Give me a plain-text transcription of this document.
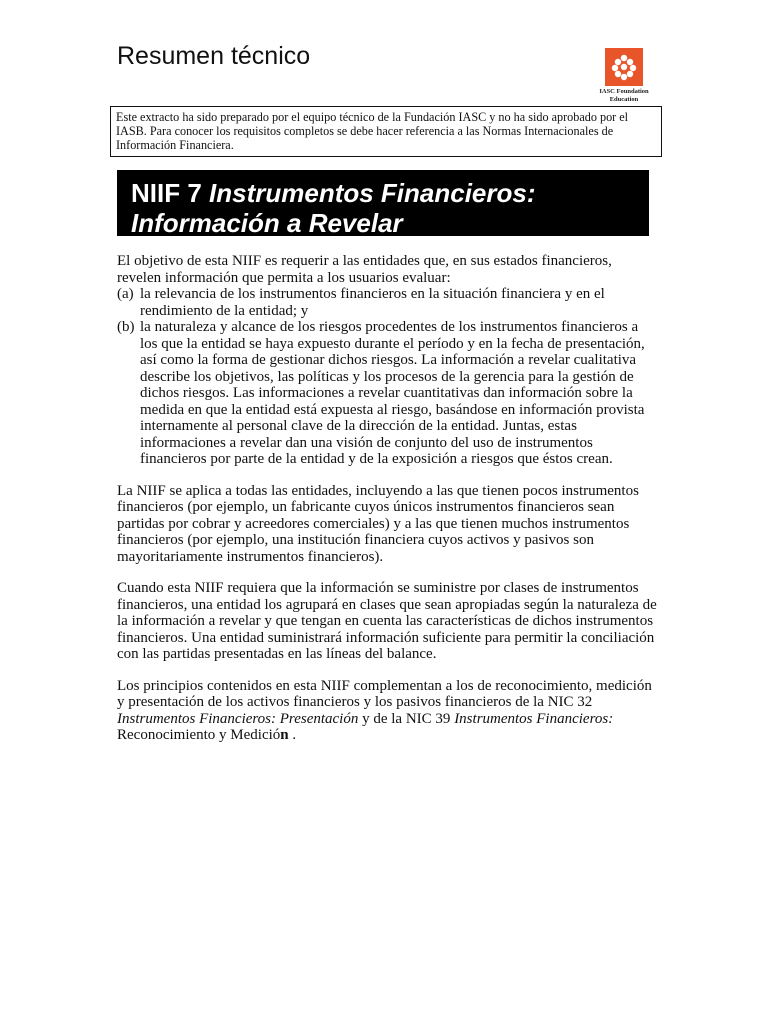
Resumen técnico
IASC Foundation
Education
Este extracto ha sido preparado por el equipo técnico de la Fundación IASC y no ha sido aprobado por el IASB. Para conocer los requisitos completos se debe hacer referencia a las Normas Internacionales de Información Financiera.
NIIF 7 Instrumentos Financieros:
Información a Revelar

El objetivo de esta NIIF es requerir a las entidades que, en sus estados financieros, revelen información que permita a los usuarios evaluar:

(a) la relevancia de los instrumentos financieros en la situación financiera y en el rendimiento de la entidad; y
(b) la naturaleza y alcance de los riesgos procedentes de los instrumentos financieros a los que la entidad se haya expuesto durante el período y en la fecha de presentación, así como la forma de gestionar dichos riesgos. La información a revelar cualitativa describe los objetivos, las políticas y los procesos de la gerencia para la gestión de dichos riesgos. Las informaciones a revelar cuantitativas dan información sobre la medida en que la entidad está expuesta al riesgo, basándose en información provista internamente al personal clave de la dirección de la entidad. Juntas, estas informaciones a revelar dan una visión de conjunto del uso de instrumentos financieros por parte de la entidad y de la exposición a riesgos que éstos crean.

La NIIF se aplica a todas las entidades, incluyendo a las que tienen pocos instrumentos financieros (por ejemplo, un fabricante cuyos únicos instrumentos financieros sean partidas por cobrar y acreedores comerciales) y a las que tienen muchos instrumentos financieros (por ejemplo, una institución financiera cuyos activos y pasivos son mayoritariamente instrumentos financieros).

Cuando esta NIIF requiera que la información se suministre por clases de instrumentos financieros, una entidad los agrupará en clases que sean apropiadas según la naturaleza de la información a revelar y que tengan en cuenta las características de dichos instrumentos financieros. Una entidad suministrará información suficiente para permitir la conciliación con las partidas presentadas en las líneas del balance.

Los principios contenidos en esta NIIF complementan a los de reconocimiento, medición y presentación de los activos financieros y los pasivos financieros de la NIC 32 Instrumentos Financieros: Presentación y de la NIC 39 Instrumentos Financieros: Reconocimiento y Medición .
